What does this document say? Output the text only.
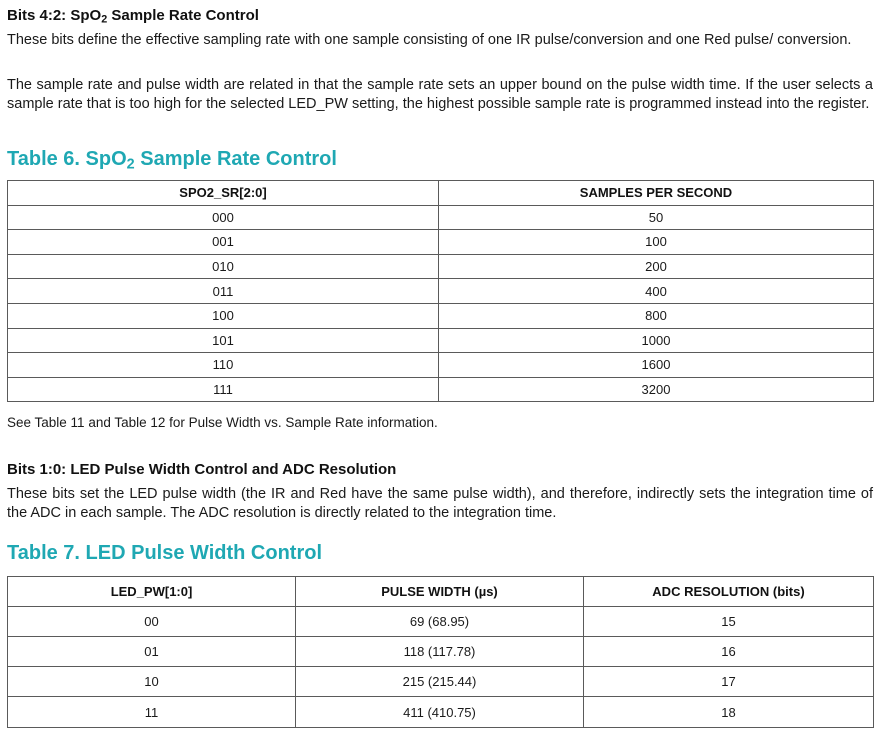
Bits 4:2: SpO$_2$ Sample Rate Control

These bits define the effective sampling rate with one sample consisting of one IR pulse/conversion and one Red pulse/ conversion.

The sample rate and pulse width are related in that the sample rate sets an upper bound on the pulse width time. If the user selects a sample rate that is too high for the selected LED_PW setting, the highest possible sample rate is programmed instead into the register.

Table 6. SpO$_2$ Sample Rate Control
SPO2_SR[2:0]	SAMPLES PER SECOND
000	50
001	100
010	200
011	400
100	800
101	1000
110	1600
111	3200

See Table 11 and Table 12 for Pulse Width vs. Sample Rate information.

Bits 1:0: LED Pulse Width Control and ADC Resolution

These bits set the LED pulse width (the IR and Red have the same pulse width), and therefore, indirectly sets the integration time of the ADC in each sample. The ADC resolution is directly related to the integration time.

Table 7. LED Pulse Width Control
LED_PW[1:0]	PULSE WIDTH (µs)	ADC RESOLUTION (bits)
00	69 (68.95)	15
01	118 (117.78)	16
10	215 (215.44)	17
11	411 (410.75)	18
